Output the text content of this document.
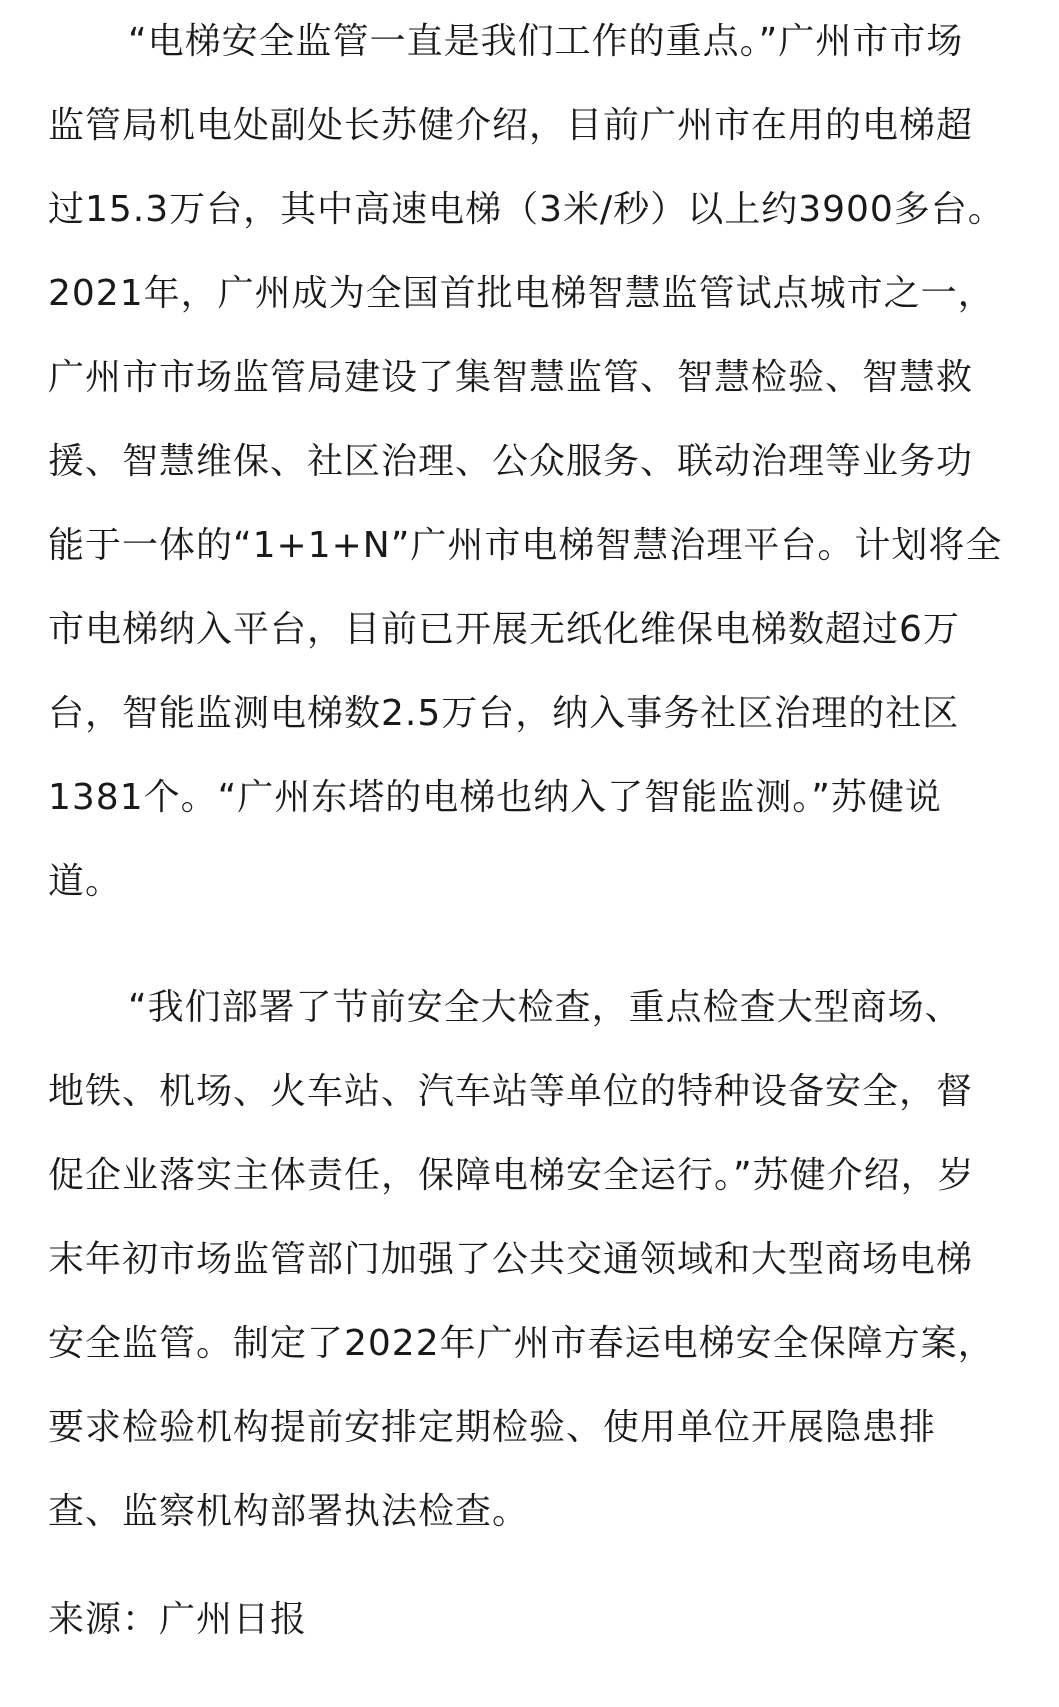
“电梯安全监管一直是我们工作的重点。”广州市市场
监管局机电处副处长苏健介绍，目前广州市在用的电梯超
过15.3万台，其中高速电梯（3米/秒）以上约3900多台。
2021年，广州成为全国首批电梯智慧监管试点城市之一，
广州市市场监管局建设了集智慧监管、智慧检验、智慧救
援、智慧维保、社区治理、公众服务、联动治理等业务功
能于一体的“1+1+N”广州市电梯智慧治理平台。计划将全
市电梯纳入平台，目前已开展无纸化维保电梯数超过6万
台，智能监测电梯数2.5万台，纳入事务社区治理的社区
1381个。“广州东塔的电梯也纳入了智能监测。”苏健说
道。
“我们部署了节前安全大检查，重点检查大型商场、
地铁、机场、火车站、汽车站等单位的特种设备安全，督
促企业落实主体责任，保障电梯安全运行。”苏健介绍，岁
末年初市场监管部门加强了公共交通领域和大型商场电梯
安全监管。制定了2022年广州市春运电梯安全保障方案，
要求检验机构提前安排定期检验、使用单位开展隐患排
查、监察机构部署执法检查。
来源：广州日报
